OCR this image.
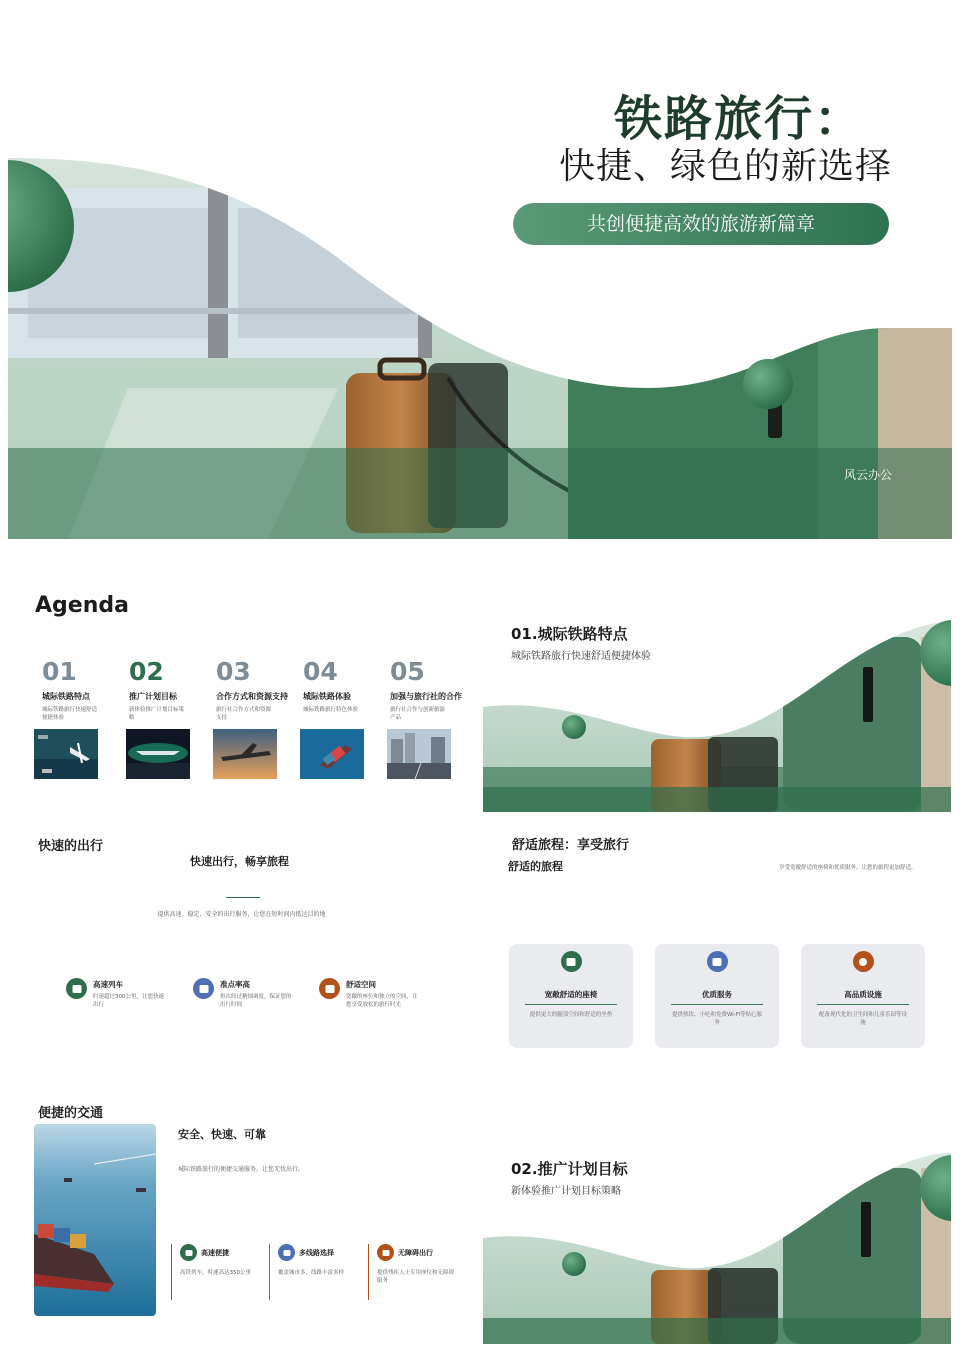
铁路旅行：
快捷、绿色的新选择
共创便捷高效的旅游新篇章
风云办公
Agenda
01
城际铁路特点
城际铁路旅行快速舒适便捷体验
02
推广计划目标
新体验推广计划目标策略
03
合作方式和资源支持
旅行社合作方式和资源支持
04
城际铁路体验
城际铁路旅行特色体验
05
加强与旅行社的合作
旅行社合作与创新旅游产品
01.城际铁路特点
城际铁路旅行快速舒适便捷体验
快速的出行
快速出行，畅享旅程
提供高速、稳定、安全的出行服务，让您在短时间内抵达目的地
高速列车
时速超过300公里，让您快速出行
准点率高
班次经过精细调度，保证您的出行时间
舒适空间
宽敞的座位和独立的空间，让您享受放松的旅行时光
舒适旅程：享受旅行
舒适的旅程	享受宽敞舒适的座椅和优质服务，让您的旅程更加舒适。
宽敞舒适的座椅
提供更大的腿部空间和舒适的坐垫
优质服务
提供热饮、小吃和免费Wi-Fi等贴心服务
高品质设施
配备现代化的卫生间和儿童乐园等设施
便捷的交通
安全、快速、可靠
城际铁路旅行的便捷交通服务，让您无忧出行。
高速便捷
高铁列车，时速高达350公里
多线路选择
覆盖城市多、线路丰富多样
无障碍出行
提供残疾人士专用座位和无障碍服务
02.推广计划目标
新体验推广计划目标策略
